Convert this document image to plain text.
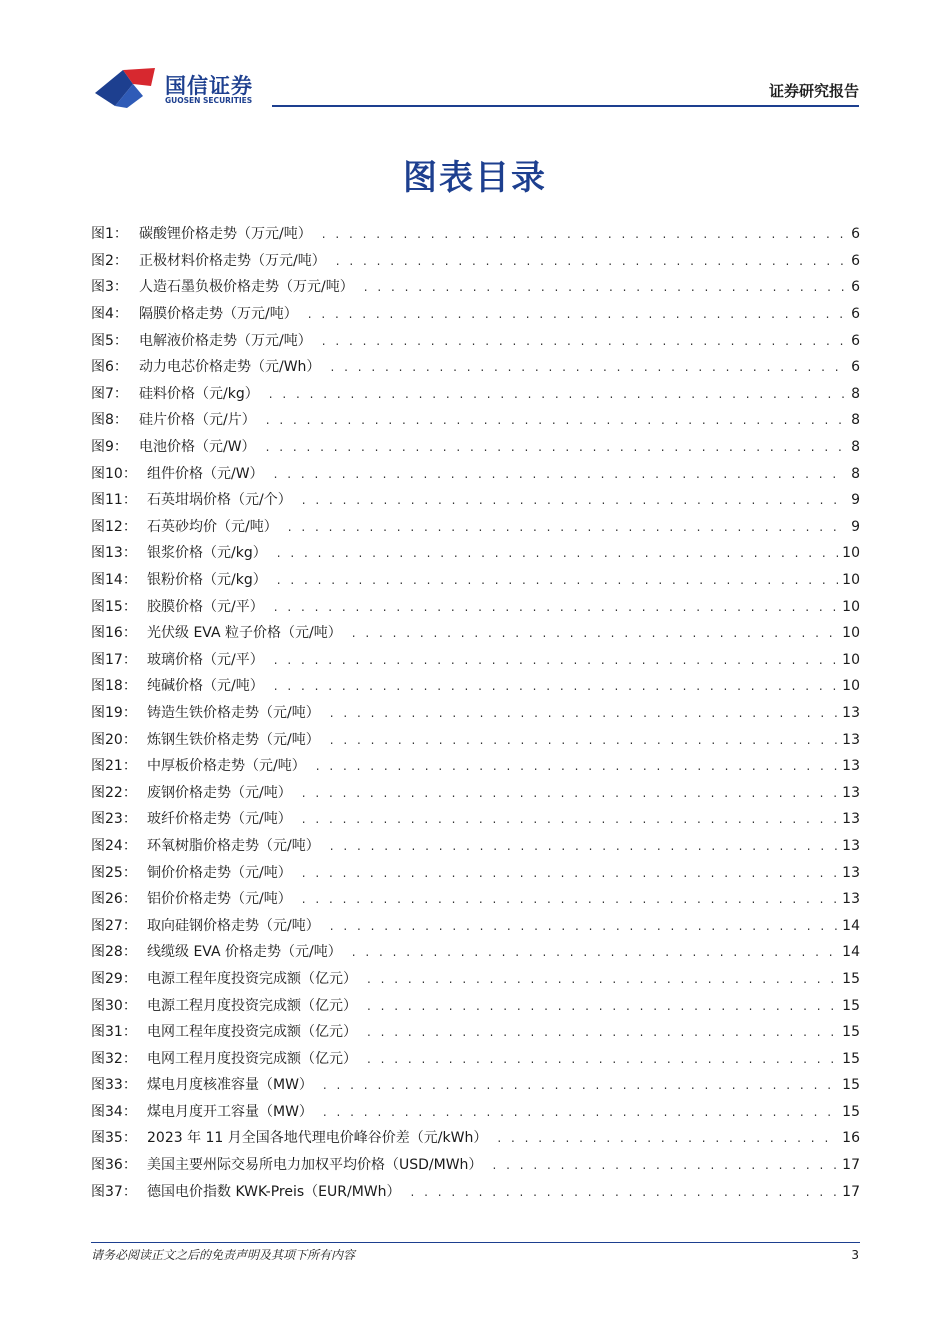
国信证券
GUOSEN SECURITIES
证券研究报告
图表目录
图1： 碳酸锂价格走势（万元/吨） . . .	6
图2： 正极材料价格走势（万元/吨） . . .	6
图3： 人造石墨负极价格走势（万元/吨） . . .	6
图4： 隔膜价格走势（万元/吨） . . .	6
图5： 电解液价格走势（万元/吨） . . .	6
图6： 动力电芯价格走势（元/Wh） . . .	6
图7： 硅料价格（元/kg） . . .	8
图8： 硅片价格（元/片） . . .	8
图9： 电池价格（元/W） . . .	8
图10： 组件价格（元/W） . . .	8
图11： 石英坩埚价格（元/个） . . .	9
图12： 石英砂均价（元/吨） . . .	9
图13： 银浆价格（元/kg） . . .	10
图14： 银粉价格（元/kg） . . .	10
图15： 胶膜价格（元/平） . . .	10
图16： 光伏级 EVA 粒子价格（元/吨） . . .	10
图17： 玻璃价格（元/平） . . .	10
图18： 纯碱价格（元/吨） . . .	10
图19： 铸造生铁价格走势（元/吨） . . .	13
图20： 炼钢生铁价格走势（元/吨） . . .	13
图21： 中厚板价格走势（元/吨） . . .	13
图22： 废钢价格走势（元/吨） . . .	13
图23： 玻纤价格走势（元/吨） . . .	13
图24： 环氧树脂价格走势（元/吨） . . .	13
图25： 铜价价格走势（元/吨） . . .	13
图26： 铝价价格走势（元/吨） . . .	13
图27： 取向硅钢价格走势（元/吨） . . .	14
图28： 线缆级 EVA 价格走势（元/吨） . . .	14
图29： 电源工程年度投资完成额（亿元） . . .	15
图30： 电源工程月度投资完成额（亿元） . . .	15
图31： 电网工程年度投资完成额（亿元） . . .	15
图32： 电网工程月度投资完成额（亿元） . . .	15
图33： 煤电月度核准容量（MW） . . .	15
图34： 煤电月度开工容量（MW） . . .	15
图35： 2023 年 11 月全国各地代理电价峰谷价差（元/kWh） . . .	16
图36： 美国主要州际交易所电力加权平均价格（USD/MWh） . . .	17
图37： 德国电价指数 KWK-Preis（EUR/MWh） . . .	17
请务必阅读正文之后的免责声明及其项下所有内容	3
